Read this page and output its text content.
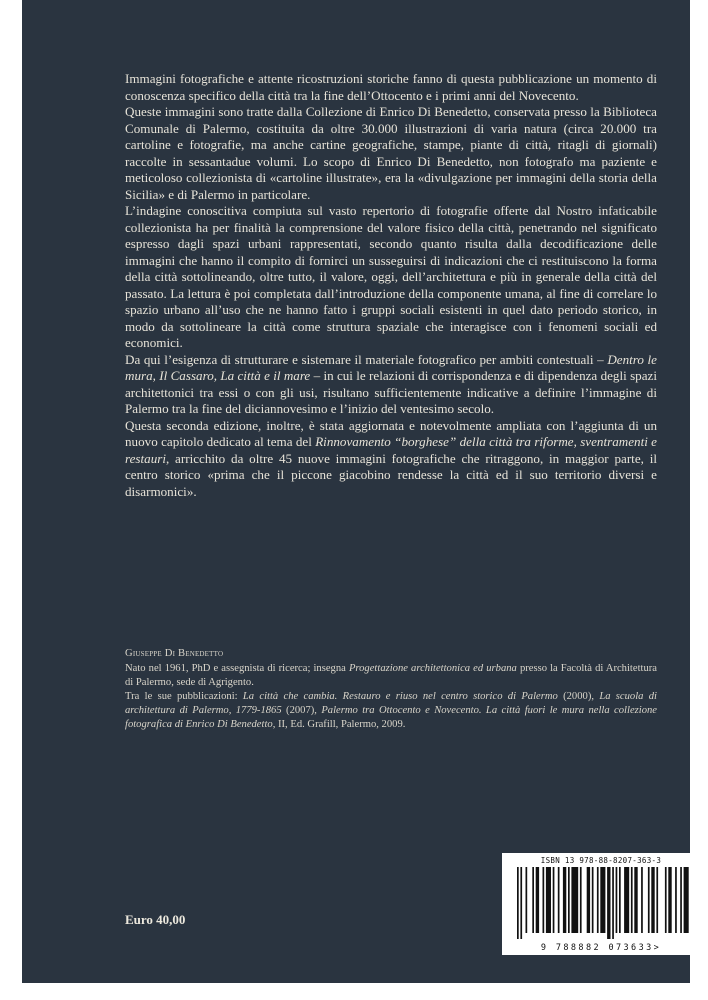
Immagini fotografiche e attente ricostruzioni storiche fanno di questa pubblicazione un momento di conoscenza specifico della città tra la fine dell’Ottocento e i primi anni del Novecento.

Queste immagini sono tratte dalla Collezione di Enrico Di Benedetto, conservata presso la Biblioteca Comunale di Palermo, costituita da oltre 30.000 illustrazioni di varia natura (circa 20.000 tra cartoline e fotografie, ma anche cartine geografiche, stampe, piante di città, ritagli di giornali) raccolte in sessantadue volumi. Lo scopo di Enrico Di Benedetto, non fotografo ma paziente e meticoloso collezionista di «cartoline illustrate», era la «divulgazione per immagini della storia della Sicilia» e di Palermo in particolare.

L’indagine conoscitiva compiuta sul vasto repertorio di fotografie offerte dal Nostro infaticabile collezionista ha per finalità la comprensione del valore fisico della città, penetrando nel significato espresso dagli spazi urbani rappresentati, secondo quanto risulta dalla decodificazione delle immagini che hanno il compito di fornirci un susseguirsi di indicazioni che ci restituiscono la forma della città sottolineando, oltre tutto, il valore, oggi, dell’architettura e più in generale della città del passato. La lettura è poi completata dall’introduzione della componente umana, al fine di correlare lo spazio urbano all’uso che ne hanno fatto i gruppi sociali esistenti in quel dato periodo storico, in modo da sottolineare la città come struttura spaziale che interagisce con i fenomeni sociali ed economici.

Da qui l’esigenza di strutturare e sistemare il materiale fotografico per ambiti contestuali – Dentro le mura, Il Cassaro, La città e il mare – in cui le relazioni di corrispondenza e di dipendenza degli spazi architettonici tra essi o con gli usi, risultano sufficientemente indicative a definire l’immagine di Palermo tra la fine del diciannovesimo e l’inizio del ventesimo secolo.

Questa seconda edizione, inoltre, è stata aggiornata e notevolmente ampliata con l’aggiunta di un nuovo capitolo dedicato al tema del Rinnovamento “borghese” della città tra riforme, sventramenti e restauri, arricchito da oltre 45 nuove immagini fotografiche che ritraggono, in maggior parte, il centro storico «prima che il piccone giacobino rendesse la città ed il suo territorio diversi e disarmonici».

Giuseppe Di Benedetto

Nato nel 1961, PhD e assegnista di ricerca; insegna Progettazione architettonica ed urbana presso la Facoltà di Architettura di Palermo, sede di Agrigento.

Tra le sue pubblicazioni: La città che cambia. Restauro e riuso nel centro storico di Palermo (2000), La scuola di architettura di Palermo, 1779-1865 (2007), Palermo tra Ottocento e Novecento. La città fuori le mura nella collezione fotografica di Enrico Di Benedetto, II, Ed. Grafill, Palermo, 2009.

Euro 40,00
ISBN 13 978-88-8207-363-3
9 788882 073633>
